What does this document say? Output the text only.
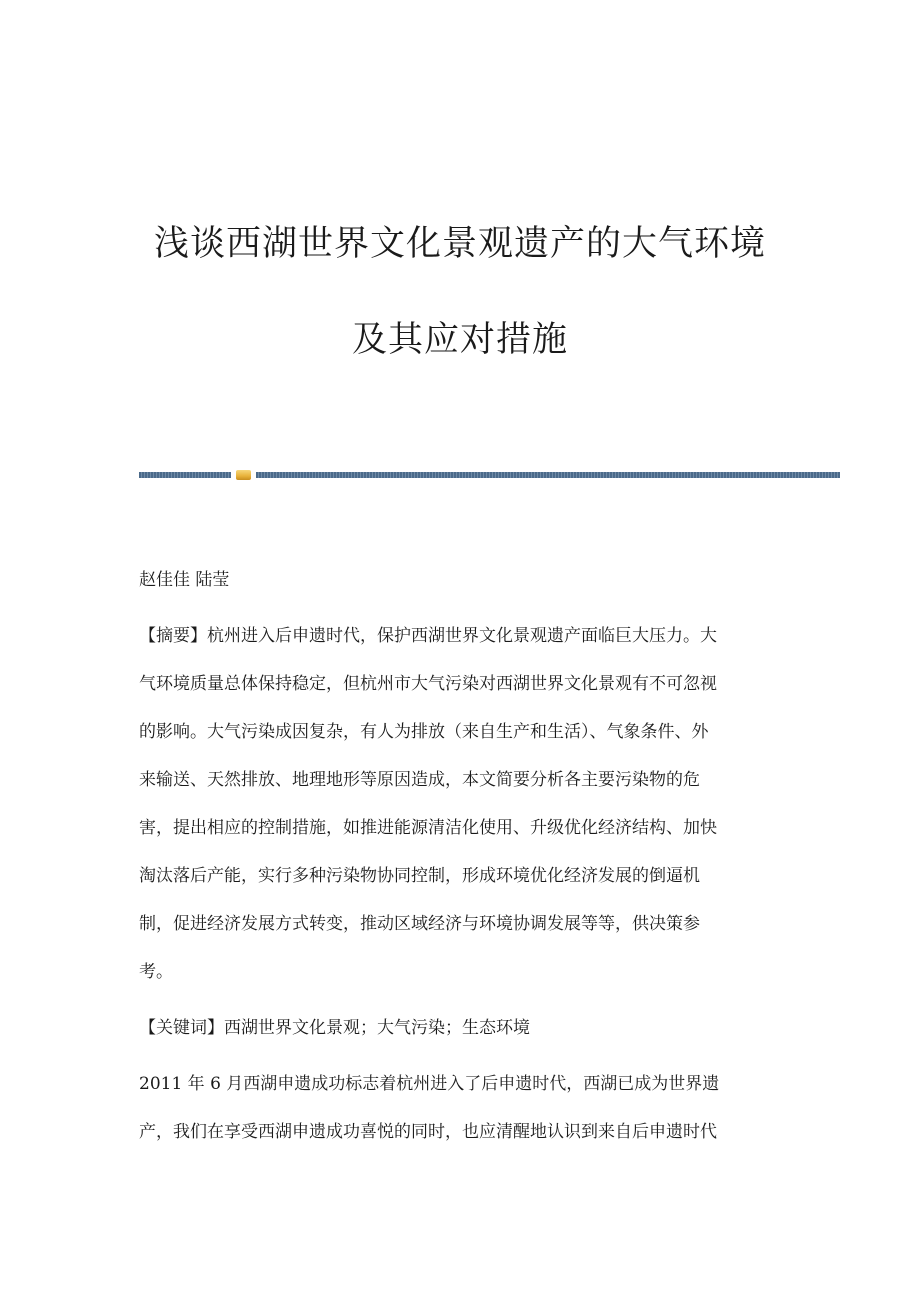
浅谈西湖世界文化景观遗产的大气环境
及其应对措施

赵佳佳 陆莹

【摘要】杭州进入后申遗时代，保护西湖世界文化景观遗产面临巨大压力。大
气环境质量总体保持稳定，但杭州市大气污染对西湖世界文化景观有不可忽视
的影响。大气污染成因复杂，有人为排放（来自生产和生活）、气象条件、外
来输送、天然排放、地理地形等原因造成，本文简要分析各主要污染物的危
害，提出相应的控制措施，如推进能源清洁化使用、升级优化经济结构、加快
淘汰落后产能，实行多种污染物协同控制，形成环境优化经济发展的倒逼机
制，促进经济发展方式转变，推动区域经济与环境协调发展等等，供决策参
考。

【关键词】西湖世界文化景观；大气污染；生态环境

2011 年 6 月西湖申遗成功标志着杭州进入了后申遗时代，西湖已成为世界遗
产，我们在享受西湖申遗成功喜悦的同时，也应清醒地认识到来自后申遗时代
